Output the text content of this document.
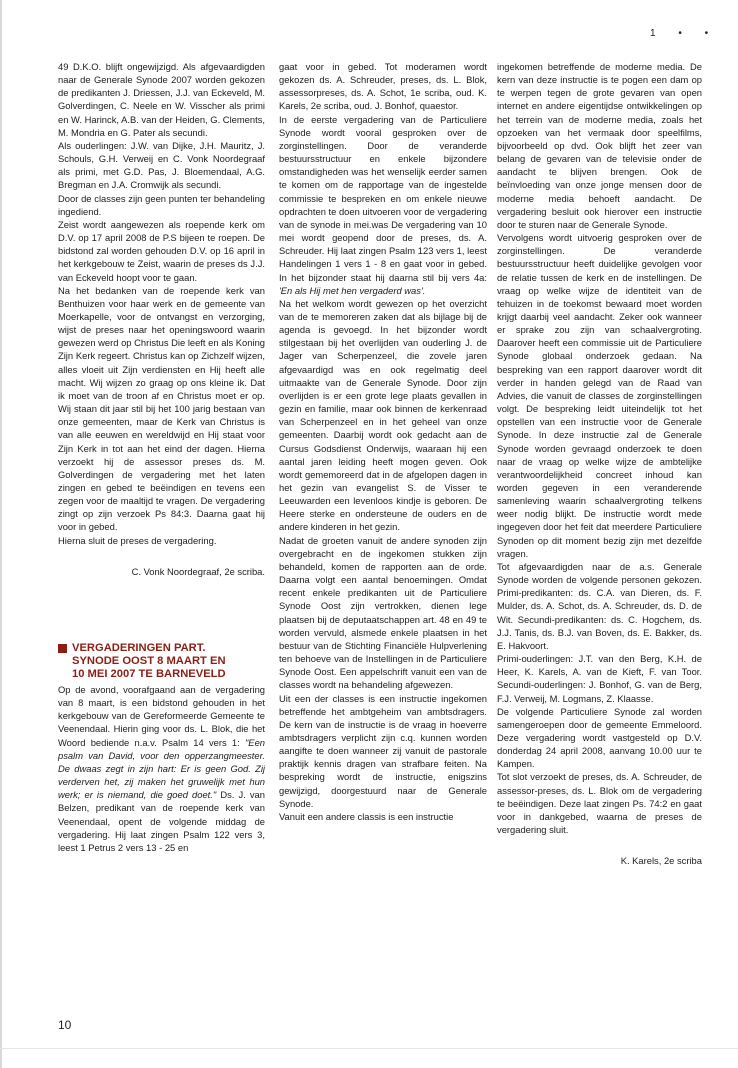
1 • •

49 D.K.O. blijft ongewijzigd. Als afgevaardigden naar de Generale Synode 2007 worden gekozen de predikanten J. Driessen, J.J. van Eckeveld, M. Golverdingen, C. Neele en W. Visscher als primi en W. Harinck, A.B. van der Heiden, G. Clements, M. Mondria en G. Pater als secundi.

Als ouderlingen: J.W. van Dijke, J.H. Mauritz, J. Schouls, G.H. Verweij en C. Vonk Noordegraaf als primi, met G.D. Pas, J. Bloemendaal, A.G. Bregman en J.A. Cromwijk als secundi.

Door de classes zijn geen punten ter behandeling ingediend.

Zeist wordt aangewezen als roepende kerk om D.V. op 17 april 2008 de P.S bijeen te roepen. De bidstond zal worden gehouden D.V. op 16 april in het kerkgebouw te Zeist, waarin de preses ds J.J. van Eckeveld hoopt voor te gaan.

Na het bedanken van de roepende kerk van Benthuizen voor haar werk en de gemeente van Moerkapelle, voor de ontvangst en verzorging, wijst de preses naar het openingswoord waarin gewezen werd op Christus Die leeft en als Koning Zijn Kerk regeert. Christus kan op Zichzelf wijzen, alles vloeit uit Zijn verdiensten en Hij heeft alle macht. Wij wijzen zo graag op ons kleine ik. Dat ik moet van de troon af en Christus moet er op. Wij staan dit jaar stil bij het 100 jarig bestaan van onze gemeenten, maar de Kerk van Christus is van alle eeuwen en wereldwijd en Hij staat voor Zijn Kerk in tot aan het eind der dagen. Hierna verzoekt hij de assessor preses ds. M. Golverdingen de vergadering met het laten zingen en gebed te beëindigen en tevens een zegen voor de maaltijd te vragen. De vergadering zingt op zijn verzoek Ps 84:3. Daarna gaat hij voor in gebed.

Hierna sluit de preses de vergadering.

C. Vonk Noordegraaf, 2e scriba.

VERGADERINGEN PART.
SYNODE OOST 8 MAART EN
10 MEI 2007 TE BARNEVELD

Op de avond, voorafgaand aan de vergadering van 8 maart, is een bidstond gehouden in het kerkgebouw van de Gereformeerde Gemeente te Veenendaal. Hierin ging voor ds. L. Blok, die het Woord bediende n.a.v. Psalm 14 vers 1: "Een psalm van David, voor den opperzangmeester. De dwaas zegt in zijn hart: Er is geen God. Zij verderven het, zij maken het gruwelijk met hun werk; er is niemand, die goed doet." Ds. J. van Belzen, predikant van de roepende kerk van Veenendaal, opent de volgende middag de vergadering. Hij laat zingen Psalm 122 vers 3, leest 1 Petrus 2 vers 13 - 25 en

gaat voor in gebed. Tot moderamen wordt gekozen ds. A. Schreuder, preses, ds. L. Blok, assessorpreses, ds. A. Schot, 1e scriba, oud. K. Karels, 2e scriba, oud. J. Bonhof, quaestor.

In de eerste vergadering van de Particuliere Synode wordt vooral gesproken over de zorginstellingen. Door de veranderde bestuursstructuur en enkele bijzondere omstandigheden was het wenselijk eerder samen te komen om de rapportage van de ingestelde commissie te bespreken en om enkele nieuwe opdrachten te doen uitvoeren voor de vergadering van de synode in mei.was De vergadering van 10 mei wordt geopend door de preses, ds. A. Schreuder. Hij laat zingen Psalm 123 vers 1, leest Handelingen 1 vers 1 - 8 en gaat voor in gebed. In het bijzonder staat hij daarna stil bij vers 4a: 'En als Hij met hen vergaderd was'.

Na het welkom wordt gewezen op het overzicht van de te memoreren zaken dat als bijlage bij de agenda is gevoegd. In het bijzonder wordt stilgestaan bij het overlijden van ouderling J. de Jager van Scherpenzeel, die zovele jaren afgevaardigd was en ook regelmatig deel uitmaakte van de Generale Synode. Door zijn overlijden is er een grote lege plaats gevallen in gezin en familie, maar ook binnen de kerkenraad van Scherpenzeel en in het geheel van onze gemeenten. Daarbij wordt ook gedacht aan de Cursus Godsdienst Onderwijs, waaraan hij een aantal jaren leiding heeft mogen geven. Ook wordt gememoreerd dat in de afgelopen dagen in het gezin van evangelist S. de Visser te Leeuwarden een levenloos kindje is geboren. De Heere sterke en ondersteune de ouders en de andere kinderen in het gezin.

Nadat de groeten vanuit de andere synoden zijn overgebracht en de ingekomen stukken zijn behandeld, komen de rapporten aan de orde. Daarna volgt een aantal benoemingen. Omdat recent enkele predikanten uit de Particuliere Synode Oost zijn vertrokken, dienen lege plaatsen bij de deputaatschappen art. 48 en 49 te worden vervuld, alsmede enkele plaatsen in het bestuur van de Stichting Financiële Hulpverlening ten behoeve van de Instellingen in de Particuliere Synode Oost. Een appelschrift vanuit een van de classes wordt na behandeling afgewezen.

Uit een der classes is een instructie ingekomen betreffende het ambtgeheim van ambtsdragers. De kern van de instructie is de vraag in hoeverre ambtsdragers verplicht zijn c.q. kunnen worden aangifte te doen wanneer zij vanuit de pastorale praktijk kennis dragen van strafbare feiten. Na bespreking wordt de instructie, enigszins gewijzigd, doorgestuurd naar de Generale Synode.

Vanuit een andere classis is een instructie

ingekomen betreffende de moderne media. De kern van deze instructie is te pogen een dam op te werpen tegen de grote gevaren van open internet en andere eigentijdse ontwikkelingen op het terrein van de moderne media, zoals het opzoeken van het vermaak door speelfilms, bijvoorbeeld op dvd. Ook blijft het zeer van belang de gevaren van de televisie onder de aandacht te blijven brengen. Ook de beïnvloeding van onze jonge mensen door de moderne media behoeft aandacht. De vergadering besluit ook hierover een instructie door te sturen naar de Generale Synode.

Vervolgens wordt uitvoerig gesproken over de zorginstellingen. De veranderde bestuursstructuur heeft duidelijke gevolgen voor de relatie tussen de kerk en de instellingen. De vraag op welke wijze de identiteit van de tehuizen in de toekomst bewaard moet worden krijgt daarbij veel aandacht. Zeker ook wanneer er sprake zou zijn van schaalvergroting. Daarover heeft een commissie uit de Particuliere Synode globaal onderzoek gedaan. Na bespreking van een rapport daarover wordt dit verder in handen gelegd van de Raad van Advies, die vanuit de classes de zorginstellingen volgt. De bespreking leidt uiteindelijk tot het opstellen van een instructie voor de Generale Synode. In deze instructie zal de Generale Synode worden gevraagd onderzoek te doen naar de vraag op welke wijze de ambtelijke verantwoordelijkheid concreet inhoud kan worden gegeven in een veranderende samenleving waarin schaalvergroting telkens weer nodig blijkt. De instructie wordt mede ingegeven door het feit dat meerdere Particuliere Synoden op dit moment bezig zijn met dezelfde vragen.

Tot afgevaardigden naar de a.s. Generale Synode worden de volgende personen gekozen. Primi-predikanten: ds. C.A. van Dieren, ds. F. Mulder, ds. A. Schot, ds. A. Schreuder, ds. D. de Wit. Secundi-predikanten: ds. C. Hogchem, ds. J.J. Tanis, ds. B.J. van Boven, ds. E. Bakker, ds. E. Hakvoort.

Primi-ouderlingen: J.T. van den Berg, K.H. de Heer, K. Karels, A. van de Kieft, F. van Toor. Secundi-ouderlingen: J. Bonhof, G. van de Berg, F.J. Verweij, M. Logmans, Z. Klaasse.

De volgende Particuliere Synode zal worden samengeroepen door de gemeente Emmeloord. Deze vergadering wordt vastgesteld op D.V. donderdag 24 april 2008, aanvang 10.00 uur te Kampen.

Tot slot verzoekt de preses, ds. A. Schreuder, de assessor-preses, ds. L. Blok om de vergadering te beëindigen. Deze laat zingen Ps. 74:2 en gaat voor in dankgebed, waarna de preses de vergadering sluit.

K. Karels, 2e scriba

10
